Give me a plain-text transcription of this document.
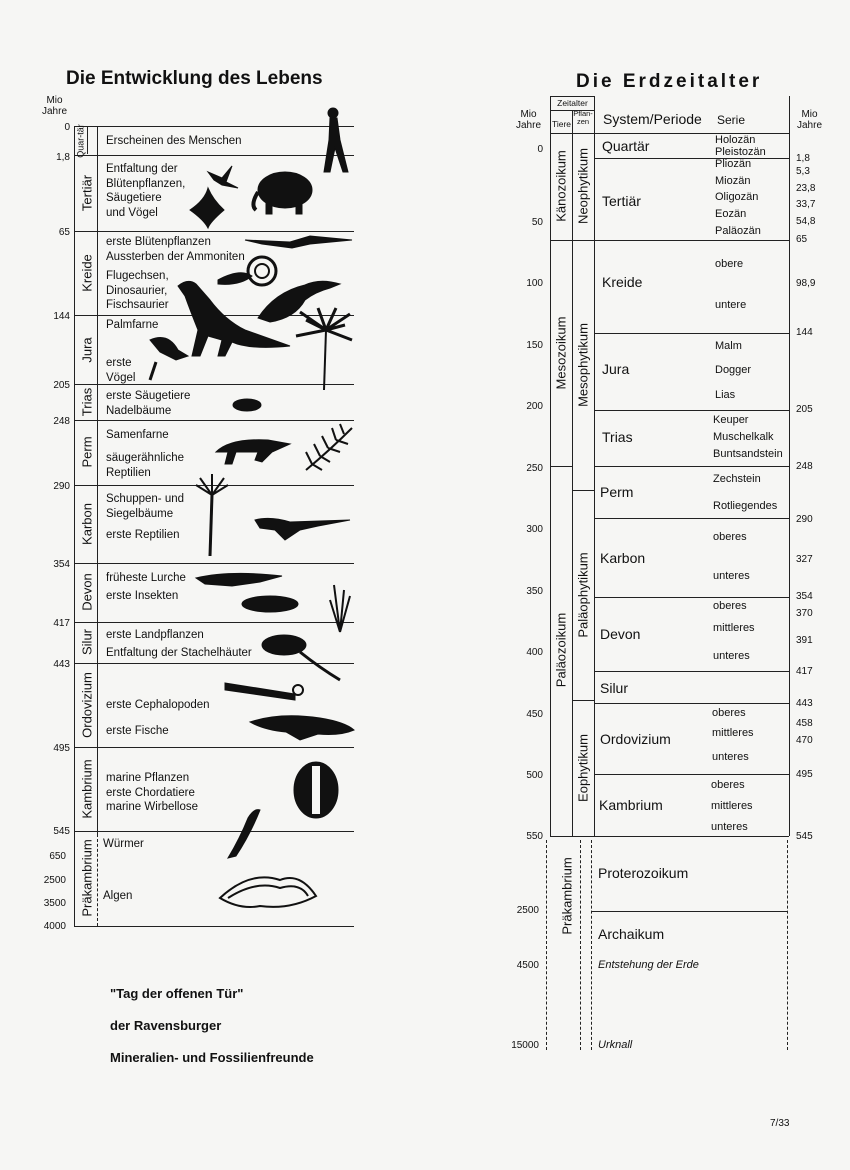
Die Entwicklung des Lebens
Mio
Jahre
0
1,8
65
144
205
248
290
354
417
443
495
545
650
2500
3500
4000
Quar-tär
Tertiär
Kreide
Jura
Trias
Perm
Karbon
Devon
Silur
Ordovizium
Kambrium
Präkambrium
Erscheinen des Menschen
Entfaltung der
Blütenpflanzen,
Säugetiere
und Vögel
erste Blütenpflanzen
Aussterben der Ammoniten
Flugechsen,
Dinosaurier,
Fischsaurier
Palmfarne
erste
Vögel
erste Säugetiere
Nadelbäume
Samenfarne
säugerähnliche
Reptilien
Schuppen- und
Siegelbäume
erste Reptilien
früheste Lurche
erste Insekten
erste Landpflanzen
Entfaltung der Stachelhäuter
erste Cephalopoden
erste Fische
marine Pflanzen
erste Chordatiere
marine Wirbellose
Würmer
Algen
"Tag der offenen Tür"
der Ravensburger
Mineralien- und Fossilienfreunde
Die Erdzeitalter
Mio
Jahre
Mio
Jahre
Zeitalter
Tiere
Pflan-zen System/Periode Serie
0
50
100
150
200
250
300
350
400
450
500
550
2500
4500
15000
1,8
5,3
23,8
33,7
54,8
65
98,9
144
205
248
290
327
354
370
391
417
443
458
470
495
545
Känozoikum
Mesozoikum
Paläozoikum
Präkambrium
Neophytikum
Mesophytikum
Paläophytikum
Eophytikum
Quartär
Tertiär
Kreide
Jura
Trias
Perm
Karbon
Devon
Silur
Ordovizium
Kambrium
Proterozoikum
Archaikum
Holozän
Pleistozän
Pliozän
Miozän
Oligozän
Eozän
Paläozän
obere
untere
Malm
Dogger
Lias
Keuper
Muschelkalk
Buntsandstein
Zechstein
Rotliegendes
oberes
unteres
oberes
mittleres
unteres
oberes
mittleres
unteres
oberes
mittleres
unteres
Entstehung der Erde
Urknall
7/33
